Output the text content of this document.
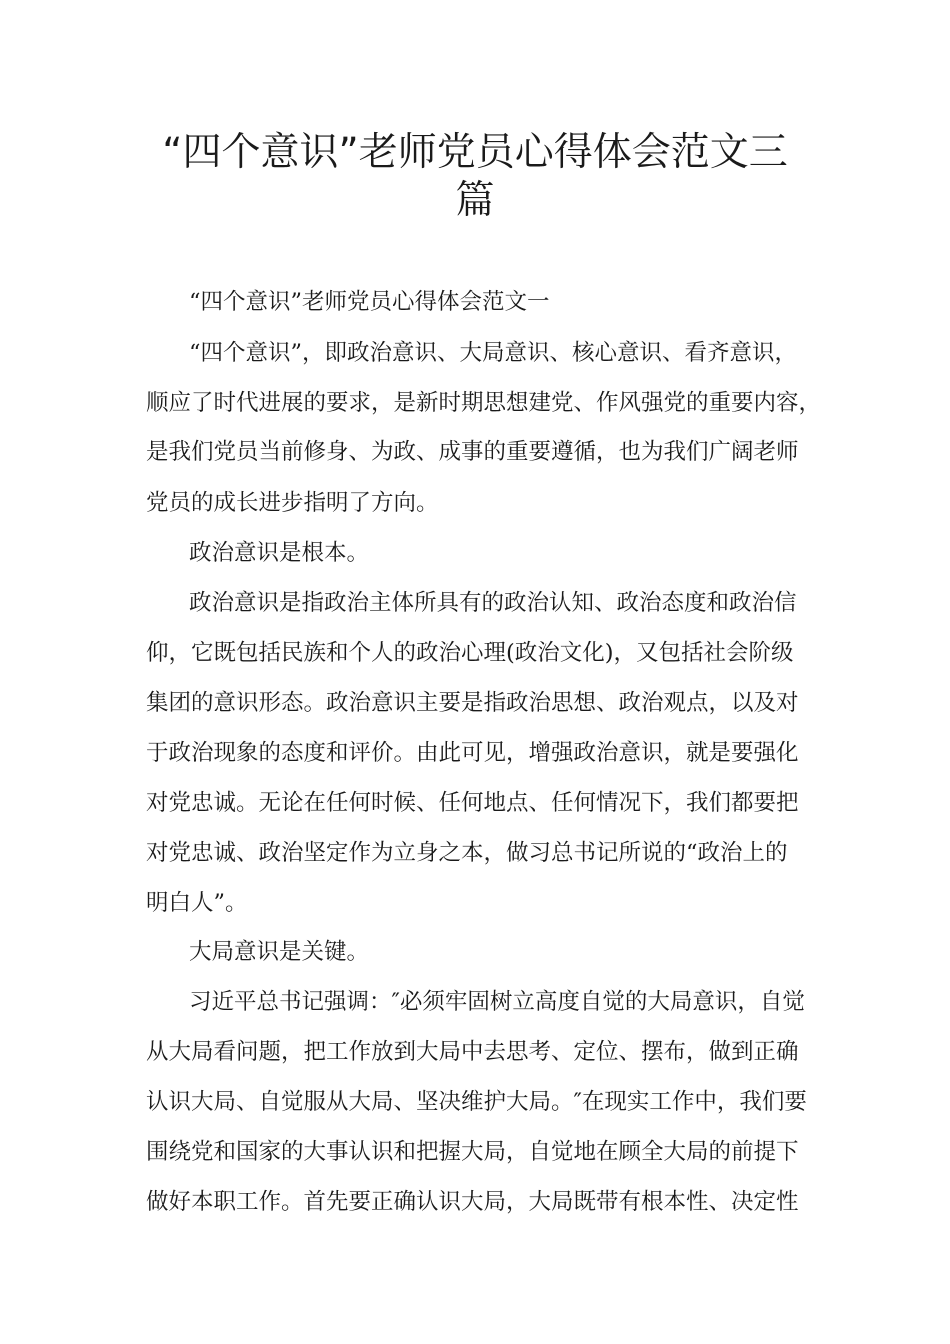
“四个意识”老师党员心得体会范文三
篇
“四个意识”老师党员心得体会范文一
“四个意识”，即政治意识、大局意识、核心意识、看齐意识，
顺应了时代进展的要求，是新时期思想建党、作风强党的重要内容，
是我们党员当前修身、为政、成事的重要遵循，也为我们广阔老师
党员的成长进步指明了方向。
政治意识是根本。
政治意识是指政治主体所具有的政治认知、政治态度和政治信
仰，它既包括民族和个人的政治心理(政治文化)，又包括社会阶级
集团的意识形态。政治意识主要是指政治思想、政治观点，以及对
于政治现象的态度和评价。由此可见，增强政治意识，就是要强化
对党忠诚。无论在任何时候、任何地点、任何情况下，我们都要把
对党忠诚、政治坚定作为立身之本，做习总书记所说的“政治上的
明白人”。
大局意识是关键。
习近平总书记强调：″必须牢固树立高度自觉的大局意识，自觉
从大局看问题，把工作放到大局中去思考、定位、摆布，做到正确
认识大局、自觉服从大局、坚决维护大局。″在现实工作中，我们要
围绕党和国家的大事认识和把握大局，自觉地在顾全大局的前提下
做好本职工作。首先要正确认识大局，大局既带有根本性、决定性
